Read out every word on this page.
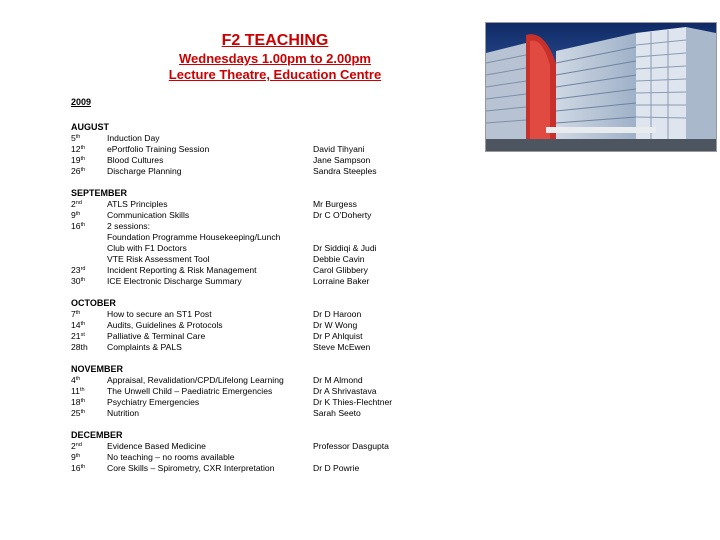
F2 TEACHING
Wednesdays 1.00pm to 2.00pm
Lecture Theatre, Education Centre
2009
AUGUST
5th	Induction Day
12th	ePortfolio Training Session	David Tihyani
19th	Blood Cultures	Jane Sampson
26th	Discharge Planning	Sandra Steeples
SEPTEMBER
2nd	ATLS Principles	Mr Burgess
9th	Communication Skills	Dr C O'Doherty
16th	2 sessions:
Foundation Programme Housekeeping/Lunch
Club with F1 Doctors	Dr Siddiqi & Judi
VTE Risk Assessment Tool	Debbie Cavin
23rd	Incident Reporting & Risk Management	Carol Glibbery
30th	ICE Electronic Discharge Summary	Lorraine Baker
OCTOBER
7th	How to secure an ST1 Post	Dr D Haroon
14th	Audits, Guidelines & Protocols	Dr W Wong
21st	Palliative & Terminal Care	Dr P Ahlquist
28th	Complaints & PALS	Steve McEwen
NOVEMBER
4th	Appraisal, Revalidation/CPD/Lifelong Learning	Dr M Almond
11th	The Unwell Child – Paediatric Emergencies	Dr A Shrivastava
18th	Psychiatry Emergencies	Dr K Thies-Flechtner
25th	Nutrition	Sarah Seeto
DECEMBER
2nd	Evidence Based Medicine	Professor Dasgupta
9th	No teaching – no rooms available
16th	Core Skills – Spirometry, CXR Interpretation	Dr D Powrie
